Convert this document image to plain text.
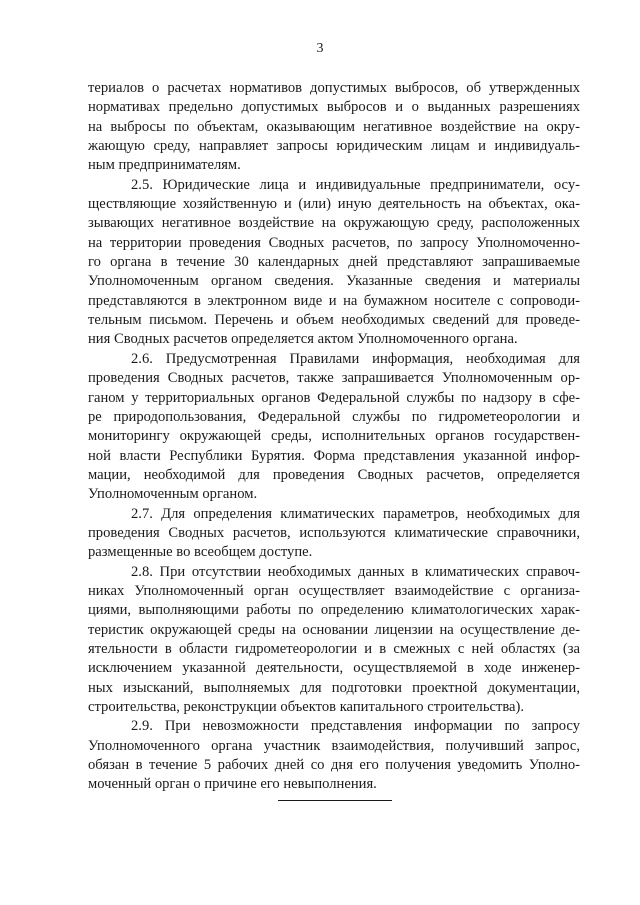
3

териалов о расчетах нормативов допустимых выбросов, об утвержденных
нормативах предельно допустимых выбросов и о выданных разрешениях
на выбросы по объектам, оказывающим негативное воздействие на окру-
жающую среду, направляет запросы юридическим лицам и индивидуаль-
ным предпринимателям.

2.5. Юридические лица и индивидуальные предприниматели, осу-
ществляющие хозяйственную и (или) иную деятельность на объектах, ока-
зывающих негативное воздействие на окружающую среду, расположенных
на территории проведения Сводных расчетов, по запросу Уполномоченно-
го органа в течение 30 календарных дней представляют запрашиваемые
Уполномоченным органом сведения. Указанные сведения и материалы
представляются в электронном виде и на бумажном носителе с сопроводи-
тельным письмом. Перечень и объем необходимых сведений для проведе-
ния Сводных расчетов определяется актом Уполномоченного органа.

2.6. Предусмотренная Правилами информация, необходимая для
проведения Сводных расчетов, также запрашивается Уполномоченным ор-
ганом у территориальных органов Федеральной службы по надзору в сфе-
ре природопользования, Федеральной службы по гидрометеорологии и
мониторингу окружающей среды, исполнительных органов государствен-
ной власти Республики Бурятия. Форма представления указанной инфор-
мации, необходимой для проведения Сводных расчетов, определяется
Уполномоченным органом.

2.7. Для определения климатических параметров, необходимых для
проведения Сводных расчетов, используются климатические справочники,
размещенные во всеобщем доступе.

2.8. При отсутствии необходимых данных в климатических справоч-
никах Уполномоченный орган осуществляет взаимодействие с организа-
циями, выполняющими работы по определению климатологических харак-
теристик окружающей среды на основании лицензии на осуществление де-
ятельности в области гидрометеорологии и в смежных с ней областях (за
исключением указанной деятельности, осуществляемой в ходе инженер-
ных изысканий, выполняемых для подготовки проектной документации,
строительства, реконструкции объектов капитального строительства).

2.9. При невозможности представления информации по запросу
Уполномоченного органа участник взаимодействия, получивший запрос,
обязан в течение 5 рабочих дней со дня его получения уведомить Уполно-
моченный орган о причине его невыполнения.
